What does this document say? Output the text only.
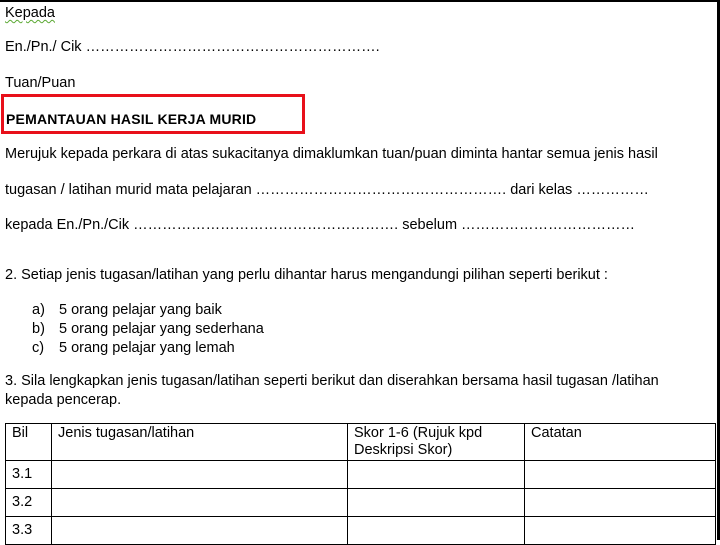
Kepada
En./Pn./ Cik …………………………………………………….
Tuan/Puan
PEMANTAUAN HASIL KERJA MURID
Merujuk kepada perkara di atas sukacitanya dimaklumkan tuan/puan diminta hantar semua jenis hasil
tugasan / latihan murid mata pelajaran ……………………………………………. dari kelas ……………
kepada En./Pn./Cik ………………………………………………. sebelum ………………………………
2. Setiap jenis tugasan/latihan yang perlu dihantar harus mengandungi pilihan seperti berikut :
a) 5 orang pelajar yang baik
b) 5 orang pelajar yang sederhana
c) 5 orang pelajar yang lemah
3. Sila lengkapkan jenis tugasan/latihan seperti berikut dan diserahkan bersama hasil tugasan /latihan
kepada pencerap.
Bil	Jenis tugasan/latihan	Skor 1-6 (Rujuk kpd Deskripsi Skor)	Catatan
3.1			
3.2			
3.3			
